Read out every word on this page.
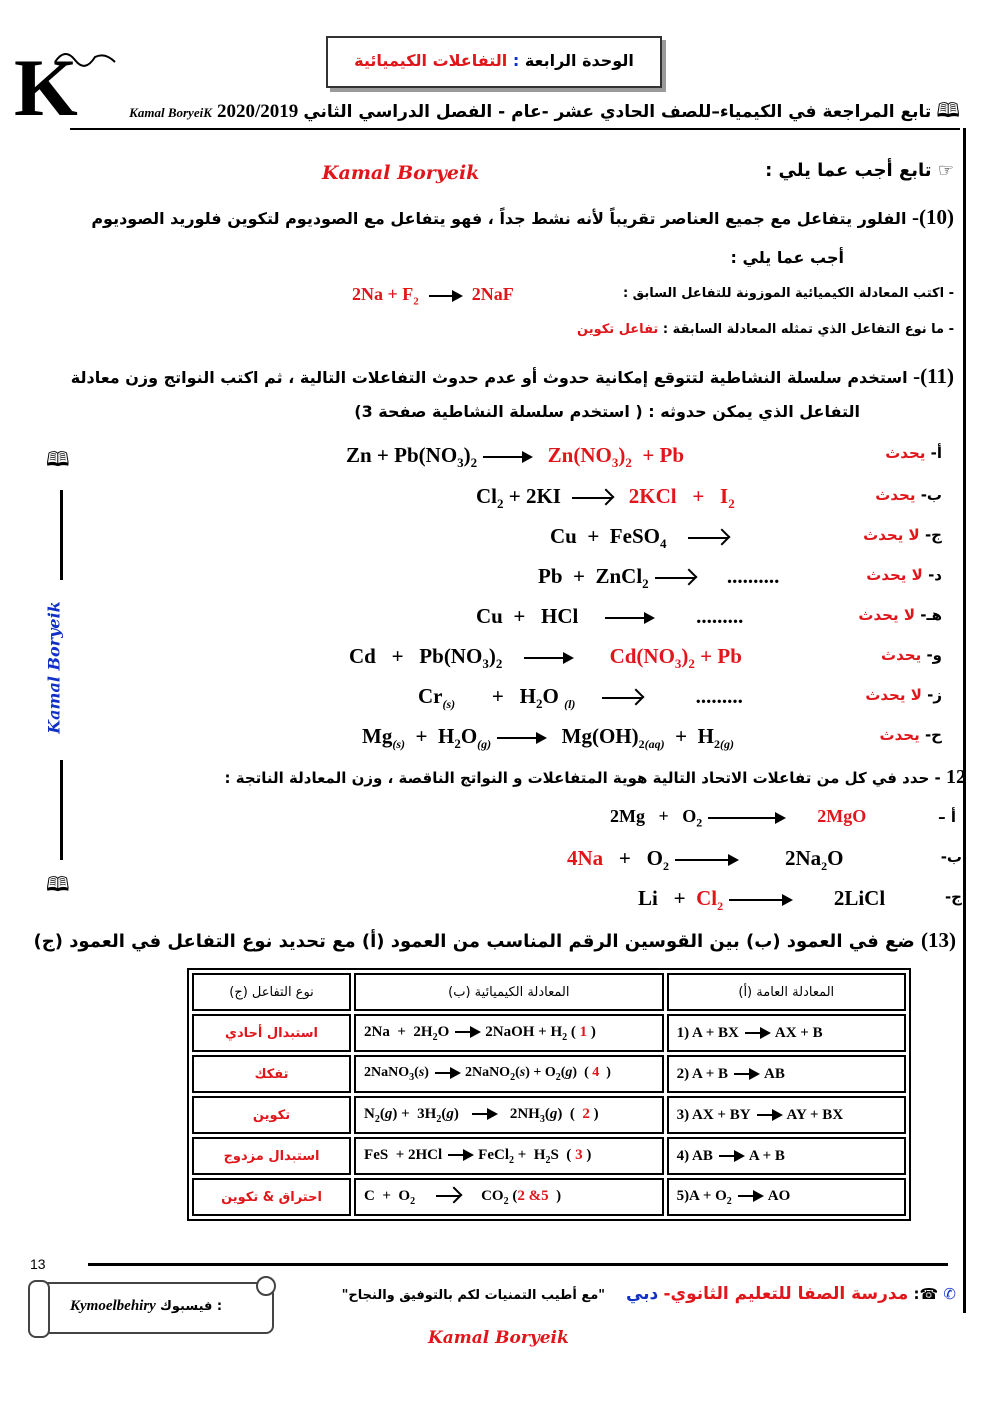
الوحدة الرابعة : التفاعلات الكيميائية
K	🕮 تابع المراجعة في الكيمياء–للصف الحادي عشر -عام - الفصل الدراسي الثاني 2020/2019 Kamal BoryeiK
🕮
Kamal Boryeik
🕮
Kamal Boryeik	☞ تابع أجب عما يلي :
(10)- الفلور يتفاعل مع جميع العناصر تقريباً لأنه نشط جداً ، فهو يتفاعل مع الصوديوم لتكوين فلوريد الصوديوم
أجب عما يلي :
- اكتب المعادلة الكيميائية الموزونة للتفاعل السابق :
$2Na + F_2 \to 2NaF$
- ما نوع التفاعل الذي تمثله المعادلة السابقة : تفاعل تكوين
(11)- استخدم سلسلة النشاطية لتتوقع إمكانية حدوث أو عدم حدوث التفاعلات التالية ، ثم اكتب النواتج وزن معادلة
التفاعل الذي يمكن حدوثه : ( استخدم سلسلة النشاطية صفحة 3)
أ- يحدث
$Zn + Pb(NO_3)_2 \to Zn(NO_3)_2 + Pb$
ب- يحدث
$Cl_2 + 2KI$	$2KCl + I_2$
ج- لا يحدث
Cu  +  FeSO$_4$
د- لا يحدث
Pb  +  ZnCl$_2$	..........
هـ- لا يحدث
Cu  +   HCl → .........
و- يحدث
$Cd + Pb(NO_3)_2 \to Cd(NO_3)_2 + Pb$
ز- لا يحدث
$Cr_{(s)}$       +   $H_2O$ $_{(l)}$	.........
ح- يحدث
$Mg_{(s)} + H_2O_{(g)} \to Mg(OH)_{2(aq)} + H_{2(g)}$
12 - حدد في كل من تفاعلات الاتحاد التالية هوية المتفاعلات و النواتج الناقصة ، وزن المعادلة الناتجة :
أ –
$2Mg + O_2$	2MgO
ب-
$4Na + O_2 \to 2Na_2O$
ج-
$Li + Cl_2$ → 2LiCl
(13) ضع في العمود (ب) بين القوسين الرقم المناسب من العمود (أ) مع تحديد نوع التفاعل في العمود (ج)
نوع التفاعل (ج)	المعادلة الكيميائية (ب)	المعادلة العامة (أ)
استبدال أحادي	$2Na + 2H_2O$ → 2NaOH + $H_2$ ( 1 )	1) A + BX → AX + B
تفكك	2NaNO$_3$(s) → 2NaNO$_2$(s) + $O_2(g)$  ( 4  )	2) A + B → AB
تكوين	$N_2(g) + 3H_2(g) \to 2NH_3(g)$  (  2 )	3) AX + BY → AY + BX
استبدال مزدوج	FeS  + 2HCl → FeCl$_2$ +  $H_2S$  ( 3 )	4) AB → A + B
احتراق & تكوين	$C + O_2$ $CO_2$ (2 &5  )	$5)A + O_2$ → AO
13
Kymoelbehiry فيسبوك :
✆ ☎: مدرسة الصفا للتعليم الثانوي- دبي    "مع أطيب التمنيات لكم بالتوفيق والنجاح"
Kamal Boryeik
